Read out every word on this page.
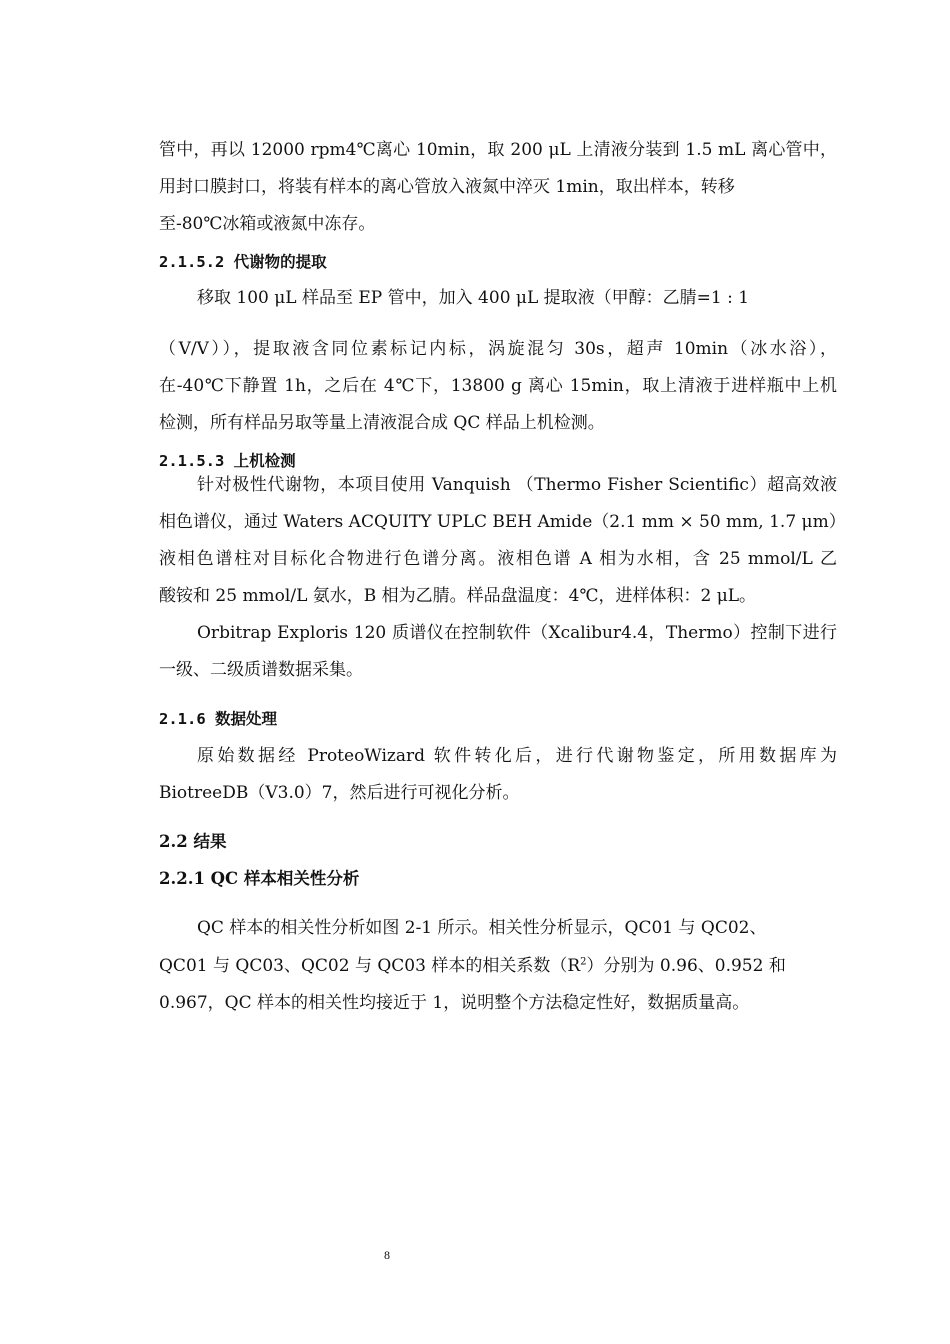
管中，再以 12000 rpm4℃离心 10min，取 200 μL 上清液分装到 1.5 mL 离心管中，
用封口膜封口，将装有样本的离心管放入液氮中淬灭 1min，取出样本，转移
至-80℃冰箱或液氮中冻存。
2.1.5.2 代谢物的提取
移取 100 μL 样品至 EP 管中，加入 400 μL 提取液（甲醇：乙腈=1 : 1
（V/V）），提取液含同位素标记内标，涡旋混匀 30s，超声 10min（冰水浴），
在-40℃下静置 1h，之后在 4℃下，13800 g 离心 15min，取上清液于进样瓶中上机
检测，所有样品另取等量上清液混合成 QC 样品上机检测。
2.1.5.3 上机检测
针对极性代谢物，本项目使用 Vanquish （Thermo Fisher Scientific）超高效液
相色谱仪，通过 Waters ACQUITY UPLC BEH Amide（2.1 mm × 50 mm, 1.7 μm）
液相色谱柱对目标化合物进行色谱分离。液相色谱 A 相为水相，含 25 mmol/L 乙
酸铵和 25 mmol/L 氨水，B 相为乙腈。样品盘温度：4℃，进样体积：2 μL。
Orbitrap Exploris 120 质谱仪在控制软件（Xcalibur4.4，Thermo）控制下进行
一级、二级质谱数据采集。
2.1.6 数据处理
原始数据经 ProteoWizard 软件转化后，进行代谢物鉴定，所用数据库为
BiotreeDB（V3.0）7，然后进行可视化分析。
2.2 结果
2.2.1 QC 样本相关性分析
QC 样本的相关性分析如图 2-1 所示。相关性分析显示，QC01 与 QC02、
QC01 与 QC03、QC02 与 QC03 样本的相关系数$(R^2)$分别为 0.96、0.952 和
0.967，QC 样本的相关性均接近于 1，说明整个方法稳定性好，数据质量高。
8
